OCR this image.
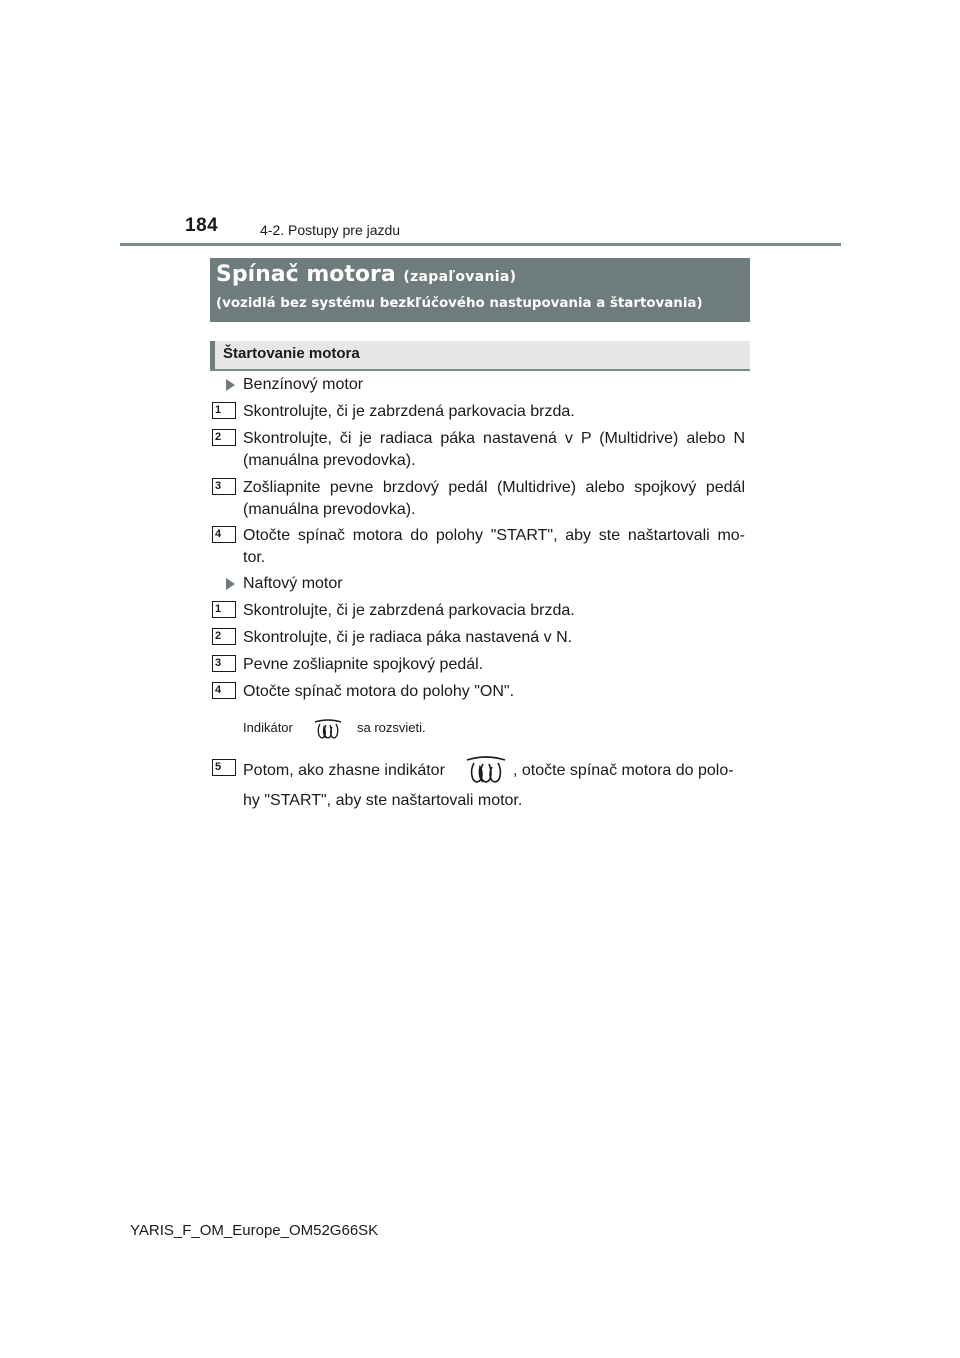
184	4-2. Postupy pre jazdu
Spínač motora (zapaľovania)
(vozidlá bez systému bezkľúčového nastupovania a štartovania)
Štartovanie motora
Benzínový motor
1 Skontrolujte, či je zabrzdená parkovacia brzda.
2 Skontrolujte, či je radiaca páka nastavená v P (Multidrive) alebo N
(manuálna prevodovka).
3 Zošliapnite pevne brzdový pedál (Multidrive) alebo spojkový pedál
(manuálna prevodovka).
4 Otočte spínač motora do polohy "START", aby ste naštartovali mo-
tor.
Naftový motor
1 Skontrolujte, či je zabrzdená parkovacia brzda.
2 Skontrolujte, či je radiaca páka nastavená v N.
3 Pevne zošliapnite spojkový pedál.
4 Otočte spínač motora do polohy "ON".
Indikátor	sa rozsvieti.
5 Potom, ako zhasne indikátor	, otočte spínač motora do polo-
hy "START", aby ste naštartovali motor.
YARIS_F_OM_Europe_OM52G66SK
